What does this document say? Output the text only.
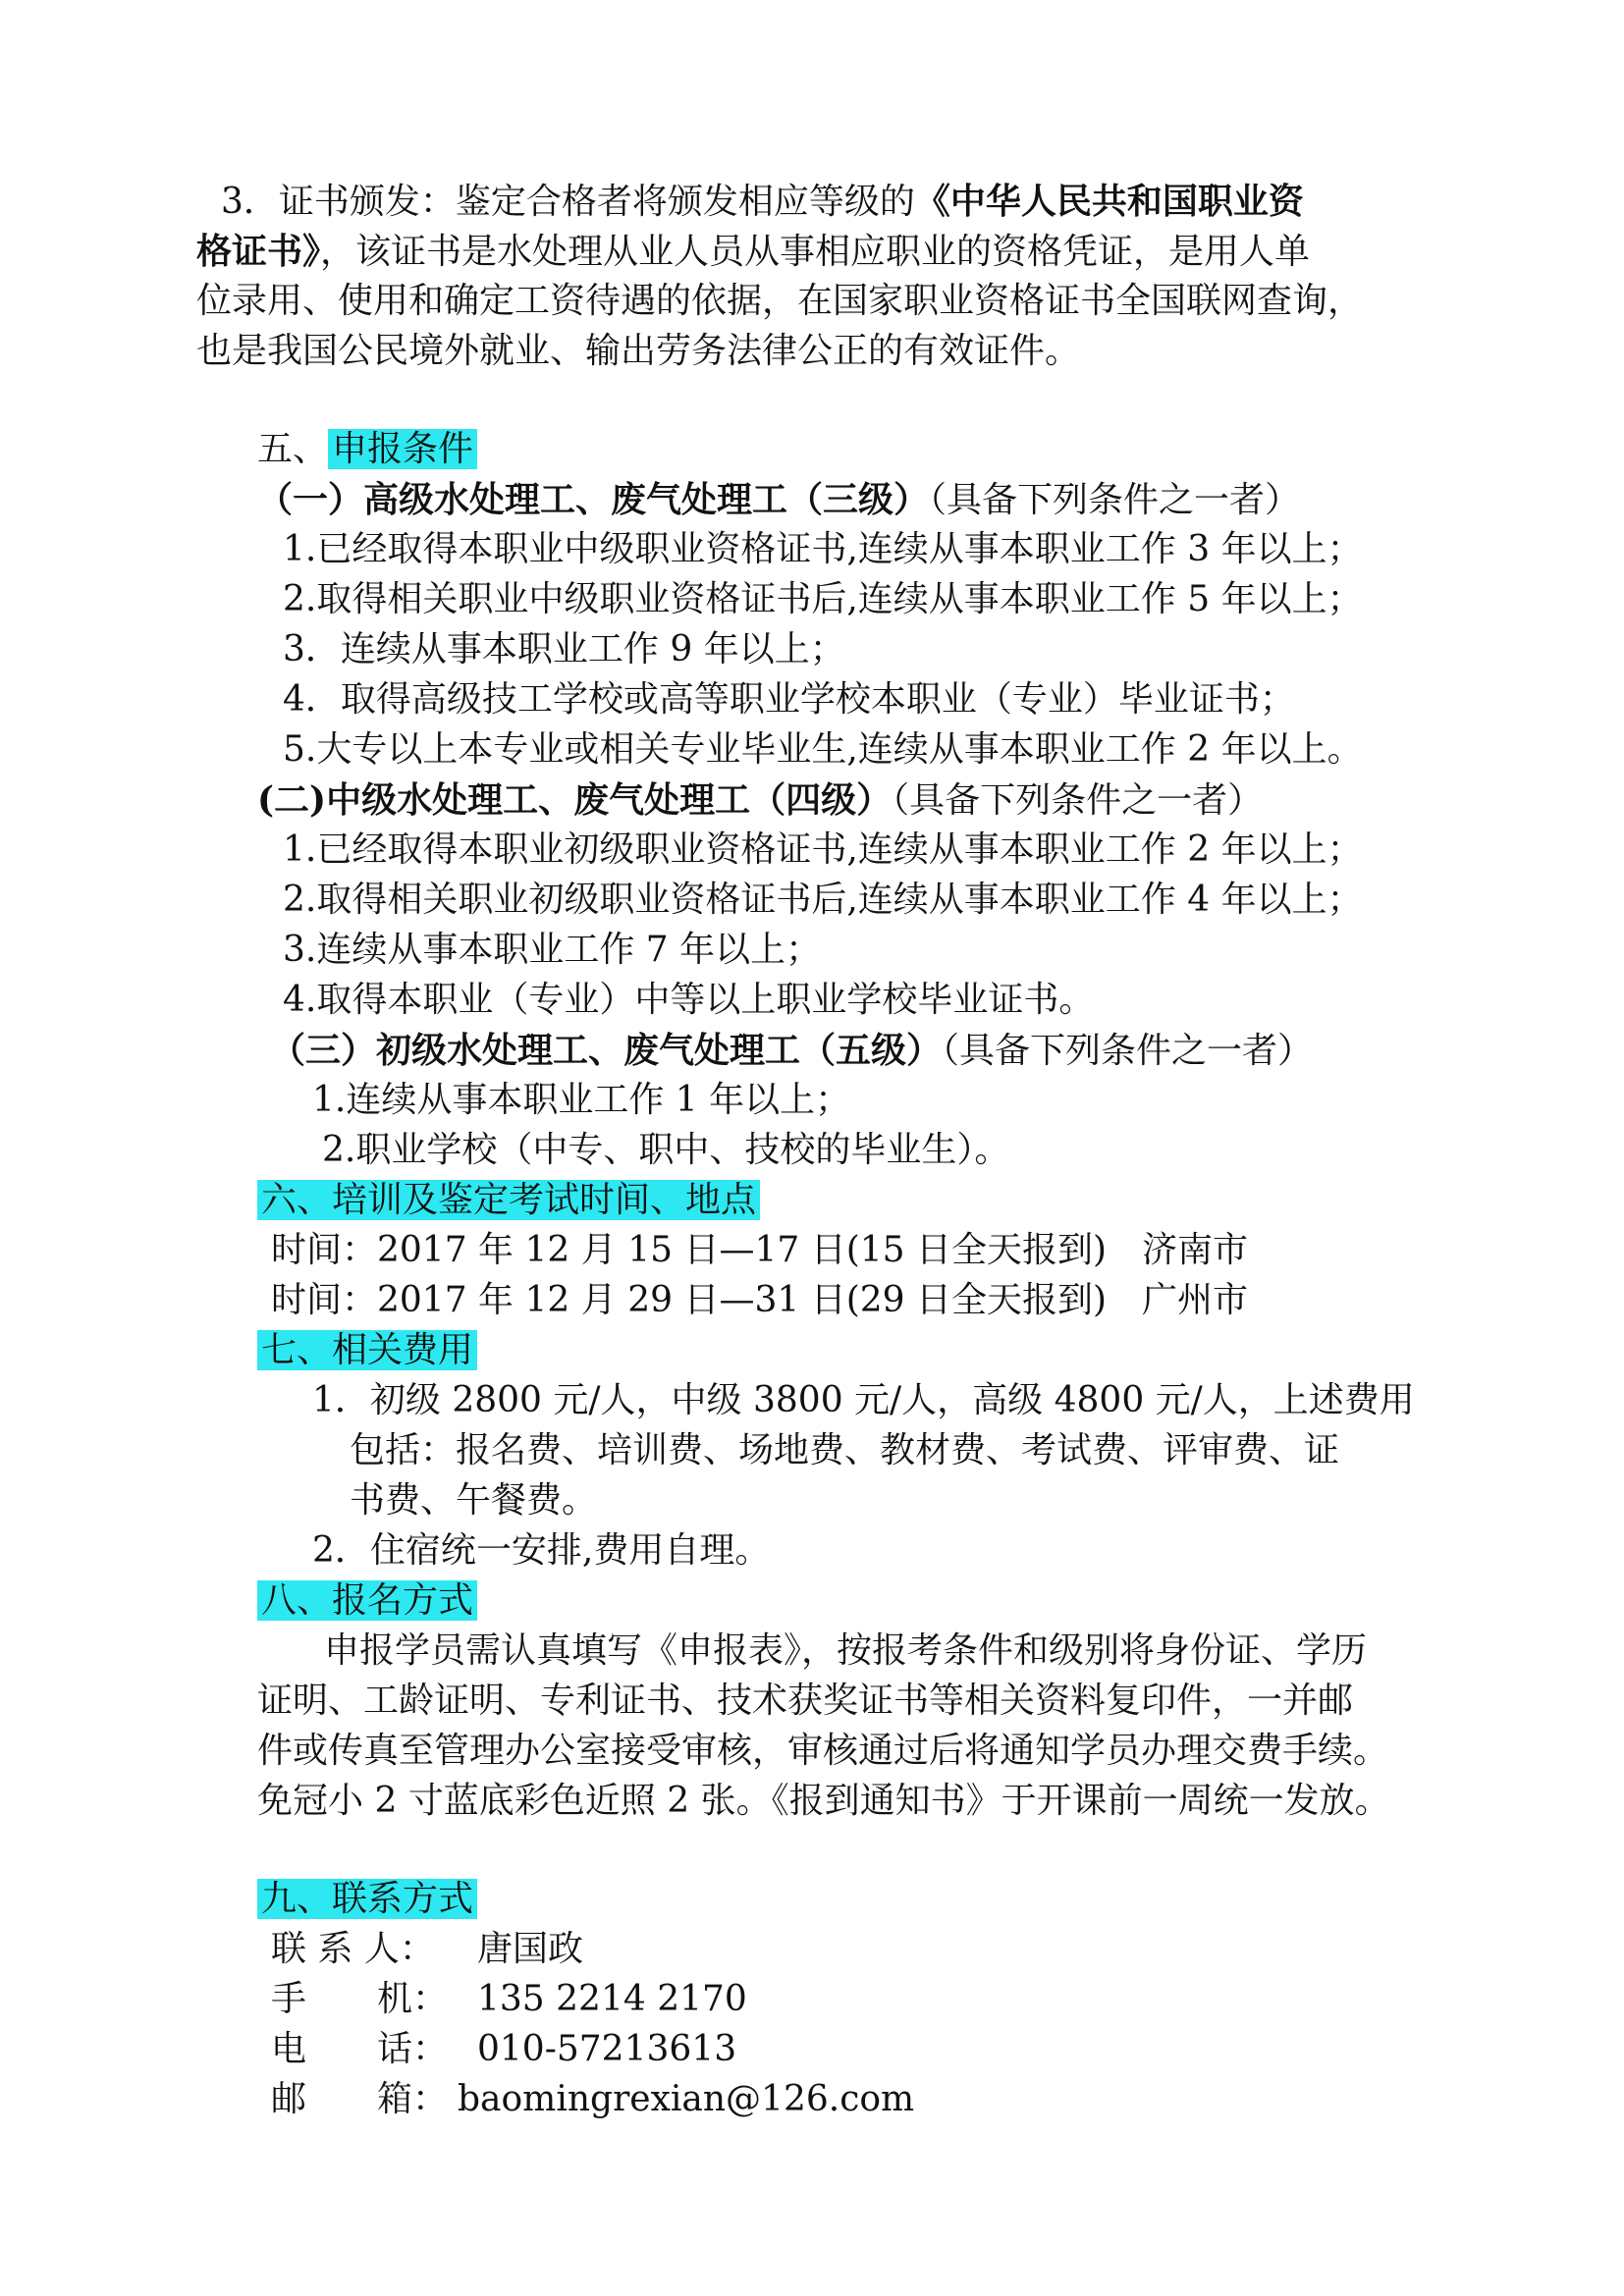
3．证书颁发：鉴定合格者将颁发相应等级的《中华人民共和国职业资
格证书》，该证书是水处理从业人员从事相应职业的资格凭证，是用人单
位录用、使用和确定工资待遇的依据，在国家职业资格证书全国联网查询，
也是我国公民境外就业、输出劳务法律公正的有效证件。
五、 申报条件
（一）高级水处理工、废气处理工（三级）（具备下列条件之一者）
1.已经取得本职业中级职业资格证书,连续从事本职业工作 3 年以上；
2.取得相关职业中级职业资格证书后,连续从事本职业工作 5 年以上；
3．连续从事本职业工作 9 年以上；
4．取得高级技工学校或高等职业学校本职业（专业）毕业证书；
5.大专以上本专业或相关专业毕业生,连续从事本职业工作 2 年以上。
(二)中级水处理工、废气处理工（四级）（具备下列条件之一者）
1.已经取得本职业初级职业资格证书,连续从事本职业工作 2 年以上；
2.取得相关职业初级职业资格证书后,连续从事本职业工作 4 年以上；
3.连续从事本职业工作 7 年以上；
4.取得本职业（专业）中等以上职业学校毕业证书。
（三）初级水处理工、废气处理工（五级）（具备下列条件之一者）
1.连续从事本职业工作 1 年以上；
2.职业学校（中专、职中、技校的毕业生）。
六、培训及鉴定考试时间、地点
时间：2017 年 12 月 15 日—17 日(15 日全天报到)　济南市
时间：2017 年 12 月 29 日—31 日(29 日全天报到)　广州市
七、相关费用
1．初级 2800 元/人，中级 3800 元/人，高级 4800 元/人，上述费用
包括：报名费、培训费、场地费、教材费、考试费、评审费、证
书费、午餐费。
2．住宿统一安排,费用自理。
八、报名方式
申报学员需认真填写《申报表》，按报考条件和级别将身份证、学历
证明、工龄证明、专利证书、技术获奖证书等相关资料复印件，一并邮
件或传真至管理办公室接受审核，审核通过后将通知学员办理交费手续。
免冠小 2 寸蓝底彩色近照 2 张。《报到通知书》于开课前一周统一发放。
九、联系方式
联 系 人： 唐国政
手　　机： 135 2214 2170
电　　话： 010-57213613
邮　　箱： baomingrexian@126.com
